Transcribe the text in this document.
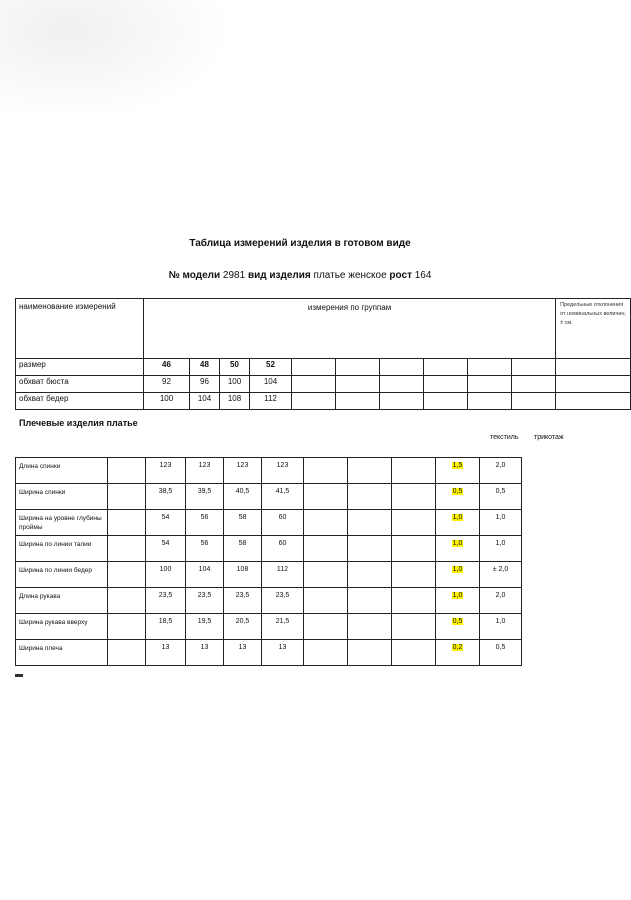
Таблица измерений изделия в готовом виде
№ модели 2981 вид изделия платье женское рост 164
наименование измерений	измерения по группам										Предельные отклонения от номинальных величин, ± см.
размер	46	48	50	52							
обхват бюста	92	96	100	104							
обхват бедер	100	104	108	112							
Плечевые изделия платье
текстиль трикотаж
Длина спинки		123	123	123	123				1,5	2,0
Ширина спинки		38,5	39,5	40,5	41,5				0,5	0,5
Ширина на уровне глубины проймы		54	56	58	60				1,0	1,0
Ширина по линии талии		54	56	58	60				1,0	1,0
Ширина по линии бедер		100	104	108	112				1,0	± 2,0
Длина рукава		23,5	23,5	23,5	23,5				1,0	2,0
Ширина рукава вверху		18,5	19,5	20,5	21,5				0,5	1,0
Ширина плеча		13	13	13	13				0,2	0,5
